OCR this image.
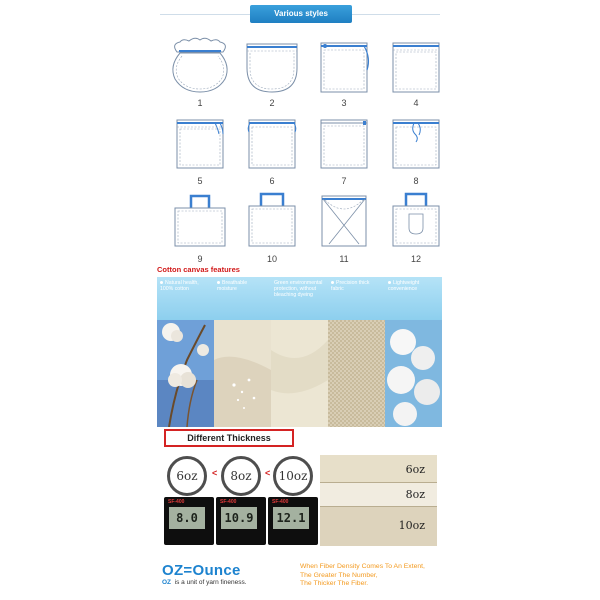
Various styles
1	2	3	4
5	6	7	8
9	10	11	12
Cotton canvas features
Natural health, 100% cotton
Breathable moisture
Green environmental protection, without bleaching dyeing
Precision thick fabric
Lightweight convenience
Different Thickness
6oz	<	8oz	< 10oz
SF-400
8.0
SF-400
10.9
SF-400
12.1
6oz
8oz
10oz
OZ=Ounce
OZ is a unit of yarn fineness.
When Fiber Density Comes To An Extent,
The Greater The Number,
The Thicker The Fiber.
